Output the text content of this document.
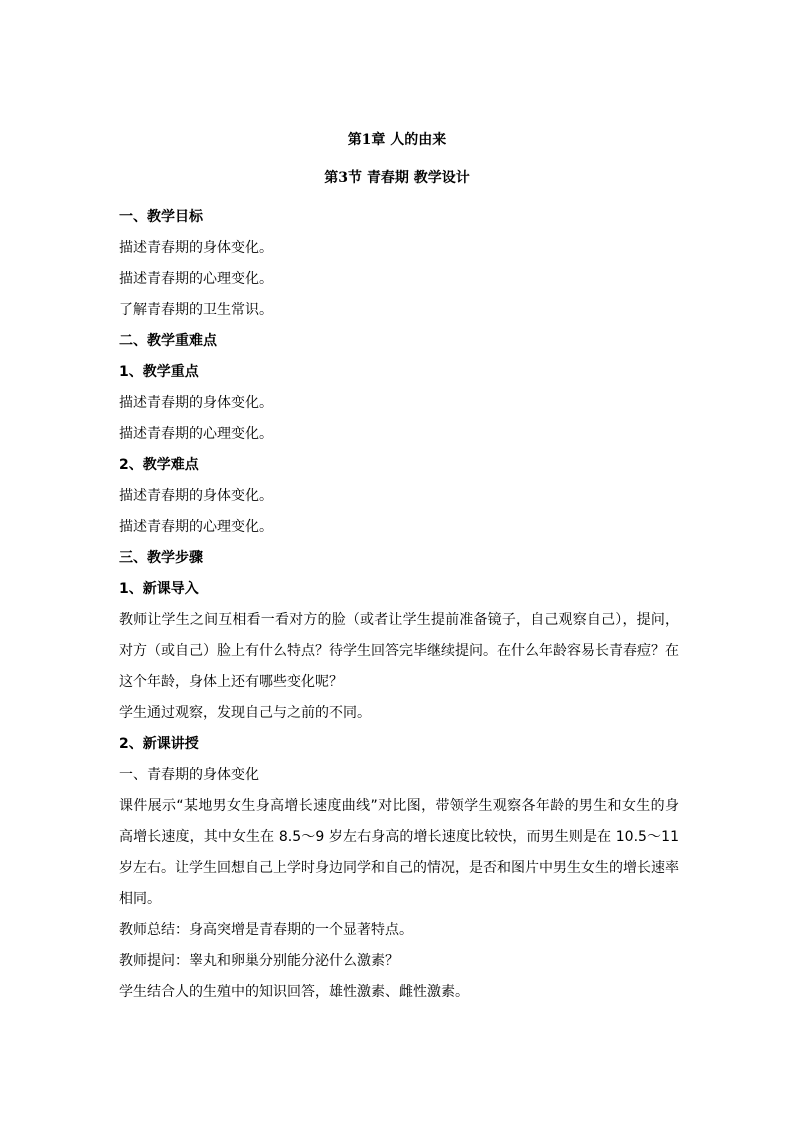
第1章 人的由来
第3节 青春期 教学设计

一、教学目标

描述青春期的身体变化。

描述青春期的心理变化。

了解青春期的卫生常识。

二、教学重难点

1、教学重点

描述青春期的身体变化。

描述青春期的心理变化。

2、教学难点

描述青春期的身体变化。

描述青春期的心理变化。

三、教学步骤

1、新课导入

教师让学生之间互相看一看对方的脸（或者让学生提前准备镜子，自己观察自己），提问，对方（或自己）脸上有什么特点？待学生回答完毕继续提问。在什么年龄容易长青春痘？在这个年龄，身体上还有哪些变化呢？

学生通过观察，发现自己与之前的不同。

2、新课讲授

一、青春期的身体变化

课件展示“某地男女生身高增长速度曲线”对比图，带领学生观察各年龄的男生和女生的身高增长速度，其中女生在 8.5～9 岁左右身高的增长速度比较快，而男生则是在 10.5～11 岁左右。让学生回想自己上学时身边同学和自己的情况，是否和图片中男生女生的增长速率相同。

教师总结：身高突增是青春期的一个显著特点。

教师提问：睾丸和卵巢分别能分泌什么激素？

学生结合人的生殖中的知识回答，雄性激素、雌性激素。
